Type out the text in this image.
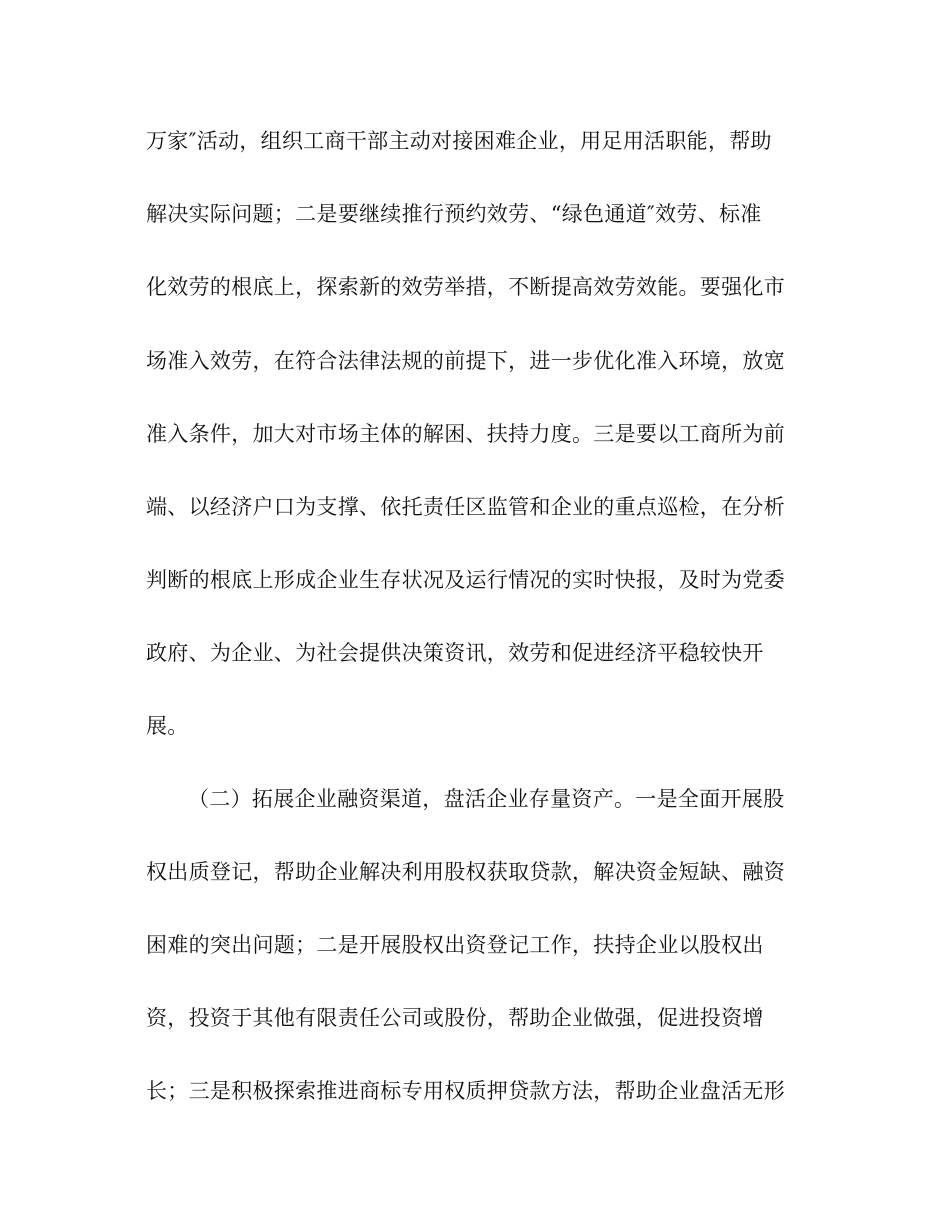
万家″活动，组织工商干部主动对接困难企业，用足用活职能，帮助
解决实际问题；二是要继续推行预约效劳、“绿色通道″效劳、标准
化效劳的根底上，探索新的效劳举措，不断提高效劳效能。要强化市
场准入效劳，在符合法律法规的前提下，进一步优化准入环境，放宽
准入条件，加大对市场主体的解困、扶持力度。三是要以工商所为前
端、以经济户口为支撑、依托责任区监管和企业的重点巡检，在分析
判断的根底上形成企业生存状况及运行情况的实时快报，及时为党委
政府、为企业、为社会提供决策资讯，效劳和促进经济平稳较快开
展。
（二）拓展企业融资渠道，盘活企业存量资产。一是全面开展股
权出质登记，帮助企业解决利用股权获取贷款，解决资金短缺、融资
困难的突出问题；二是开展股权出资登记工作，扶持企业以股权出
资，投资于其他有限责任公司或股份，帮助企业做强，促进投资增
长；三是积极探索推进商标专用权质押贷款方法，帮助企业盘活无形
